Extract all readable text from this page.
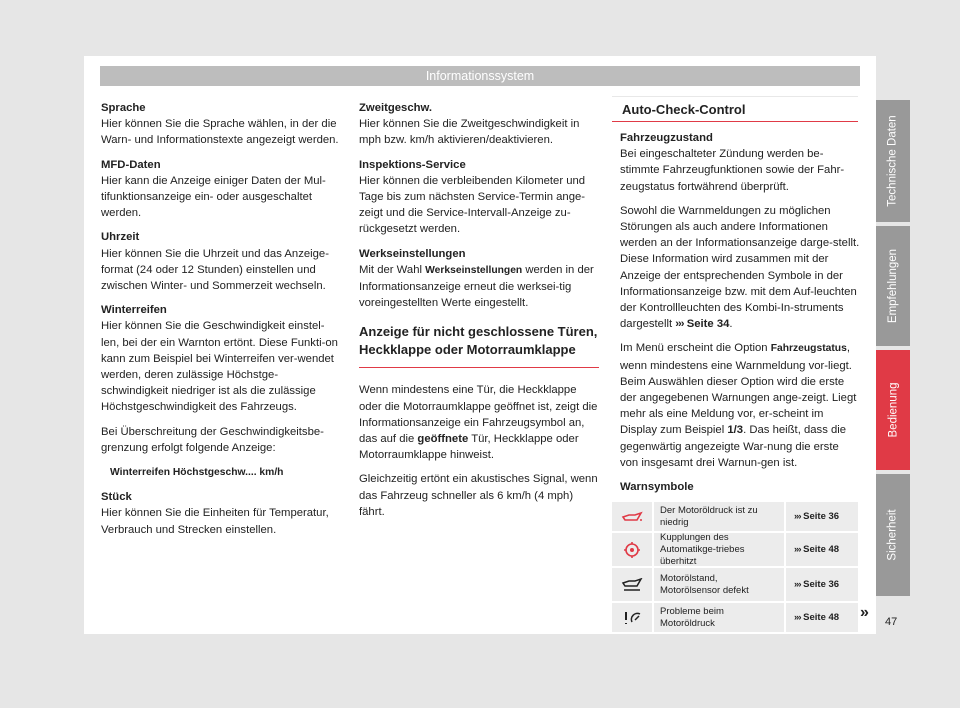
Informationssystem

Sprache
Hier können Sie die Sprache wählen, in der die Warn- und Informationstexte angezeigt werden.

MFD-Daten
Hier kann die Anzeige einiger Daten der Mul-tifunktionsanzeige ein- oder ausgeschaltet werden.

Uhrzeit
Hier können Sie die Uhrzeit und das Anzeige-format (24 oder 12 Stunden) einstellen und zwischen Winter- und Sommerzeit wechseln.

Winterreifen
Hier können Sie die Geschwindigkeit einstel-len, bei der ein Warnton ertönt. Diese Funkti-on kann zum Beispiel bei Winterreifen ver-wendet werden, deren zulässige Höchstge-schwindigkeit niedriger ist als die zulässige Höchstgeschwindigkeit des Fahrzeugs.

Bei Überschreitung der Geschwindigkeitsbe-grenzung erfolgt folgende Anzeige:

Winterreifen Höchstgeschw.... km/h

Stück
Hier können Sie die Einheiten für Temperatur, Verbrauch und Strecken einstellen.

Zweitgeschw.
Hier können Sie die Zweitgeschwindigkeit in mph bzw. km/h aktivieren/deaktivieren.

Inspektions-Service
Hier können die verbleibenden Kilometer und Tage bis zum nächsten Service-Termin ange-zeigt und die Service-Intervall-Anzeige zu-rückgesetzt werden.

Werkseinstellungen
Mit der Wahl Werkseinstellungen werden in der Informationsanzeige erneut die werksei-tig voreingestellten Werte eingestellt.

Anzeige für nicht geschlossene Türen, Heckklappe oder Motorraumklappe

Wenn mindestens eine Tür, die Heckklappe oder die Motorraumklappe geöffnet ist, zeigt die Informationsanzeige ein Fahrzeugsymbol an, das auf die geöffnete Tür, Heckklappe oder Motorraumklappe hinweist.

Gleichzeitig ertönt ein akustisches Signal, wenn das Fahrzeug schneller als 6 km/h (4 mph) fährt.

Auto-Check-Control

Fahrzeugzustand
Bei eingeschalteter Zündung werden be-stimmte Fahrzeugfunktionen sowie der Fahr-zeugstatus fortwährend überprüft.

Sowohl die Warnmeldungen zu möglichen Störungen als auch andere Informationen werden an der Informationsanzeige darge-stellt. Diese Information wird zusammen mit der Anzeige der entsprechenden Symbole in der Informationsanzeige bzw. mit dem Auf-leuchten der Kontrollleuchten des Kombi-In-struments dargestellt ››› Seite 34.

Im Menü erscheint die Option Fahrzeugstatus, wenn mindestens eine Warnmeldung vor-liegt. Beim Auswählen dieser Option wird die erste der angegebenen Warnungen ange-zeigt. Liegt mehr als eine Meldung vor, er-scheint im Display zum Beispiel 1/3. Das heißt, dass die gegenwärtig angezeigte War-nung die erste von insgesamt drei Warnun-gen ist.

Warnsymbole

Der Motoröldruck ist zu niedrig
›››
Seite 36
Kupplungen des Automatikge-triebes überhitzt
›››
Seite 48
Motorölstand, Motorölsensor defekt
›››
Seite 36
Probleme beim Motoröldruck
›››
Seite 48 »
47
Technische Daten
Empfehlungen
Bedienung
Sicherheit
